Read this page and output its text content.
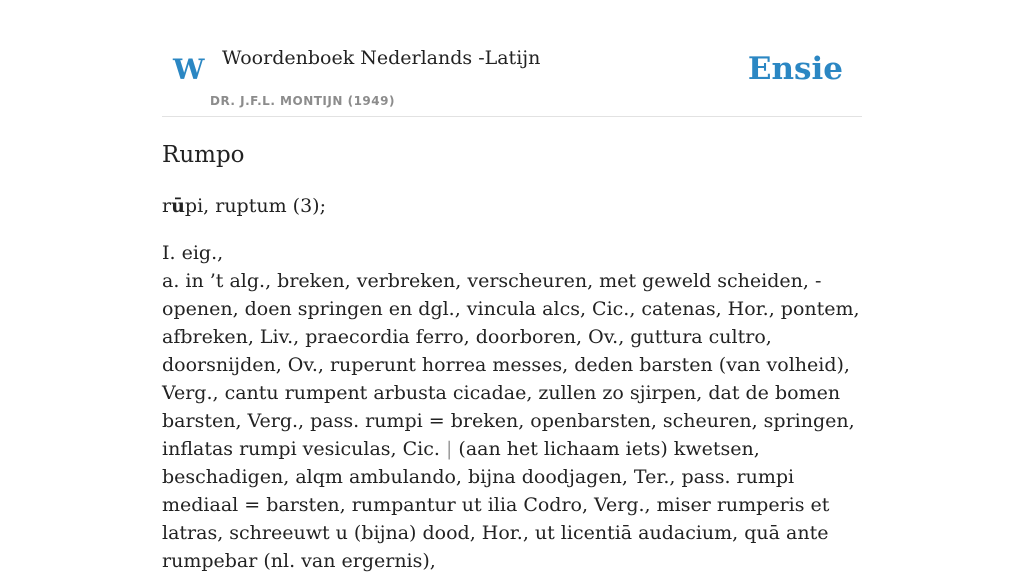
W Woordenboek Nederlands -Latijn
DR. J.F.L. MONTIJN (1949)
Ensie
Rumpo
rūpi, ruptum (3);

I. eig.,

a. in ’t alg., breken, verbreken, verscheuren, met geweld scheiden, - openen, doen springen en dgl., vincula alcs, Cic., catenas, Hor., pontem, afbreken, Liv., praecordia ferro, doorboren, Ov., guttura cultro, doorsnijden, Ov., ruperunt horrea messes, deden barsten (van volheid), Verg., cantu rumpent arbusta cicadae, zullen zo sjirpen, dat de bomen barsten, Verg., pass. rumpi = breken, openbarsten, scheuren, springen, inflatas rumpi vesiculas, Cic. | (aan het lichaam iets) kwetsen, beschadigen, alqm ambulando, bijna doodjagen, Ter., pass. rumpi mediaal = barsten, rumpantur ut ilia Codro, Verg., miser rumperis et latras, schreeuwt u (bijna) dood, Hor., ut licentiā audacium, quā ante rumpebar (nl. van ergernis),
